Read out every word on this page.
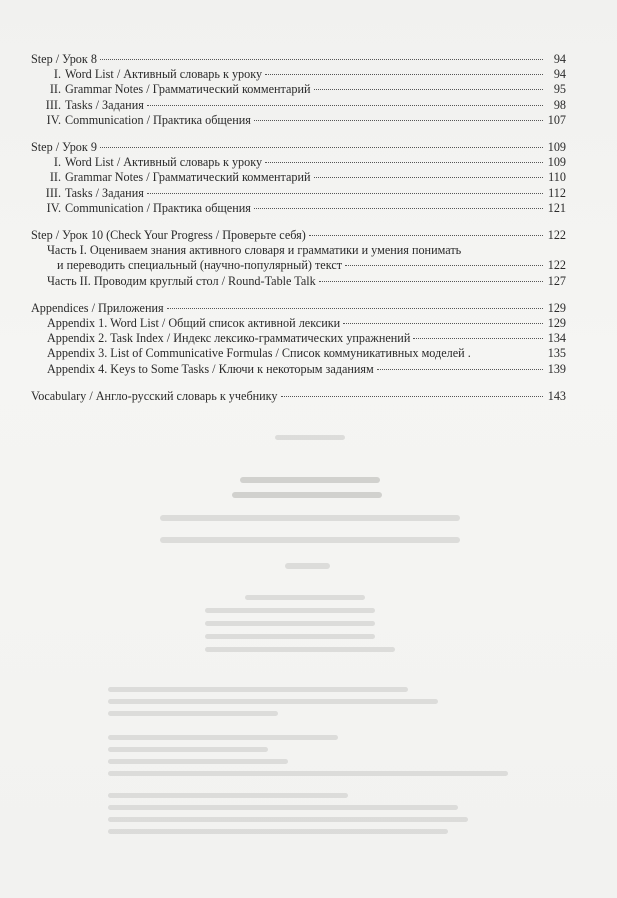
Step / Урок 8	94
I. Word List / Активный словарь к уроку	94
II. Grammar Notes / Грамматический комментарий	95
III. Tasks / Задания	98
IV. Communication / Практика общения	107
Step / Урок 9	109
I. Word List / Активный словарь к уроку	109
II. Grammar Notes / Грамматический комментарий	110
III. Tasks / Задания	112
IV. Communication / Практика общения	121
Step / Урок 10 (Check Your Progress / Проверьте себя)	122
Часть I. Оцениваем знания активного словаря и грамматики и умения понимать
и переводить специальный (научно-популярный) текст	122
Часть II. Проводим круглый стол / Round-Table Talk	127
Appendices / Приложения	129
Appendix 1. Word List / Общий список активной лексики	129
Appendix 2. Task Index / Индекс лексико-грамматических упражнений	134
Appendix 3. List of Communicative Formulas / Список коммуникативных моделей .	135
Appendix 4. Keys to Some Tasks / Ключи к некоторым заданиям	139
Vocabulary / Англо-русский словарь к учебнику	143
